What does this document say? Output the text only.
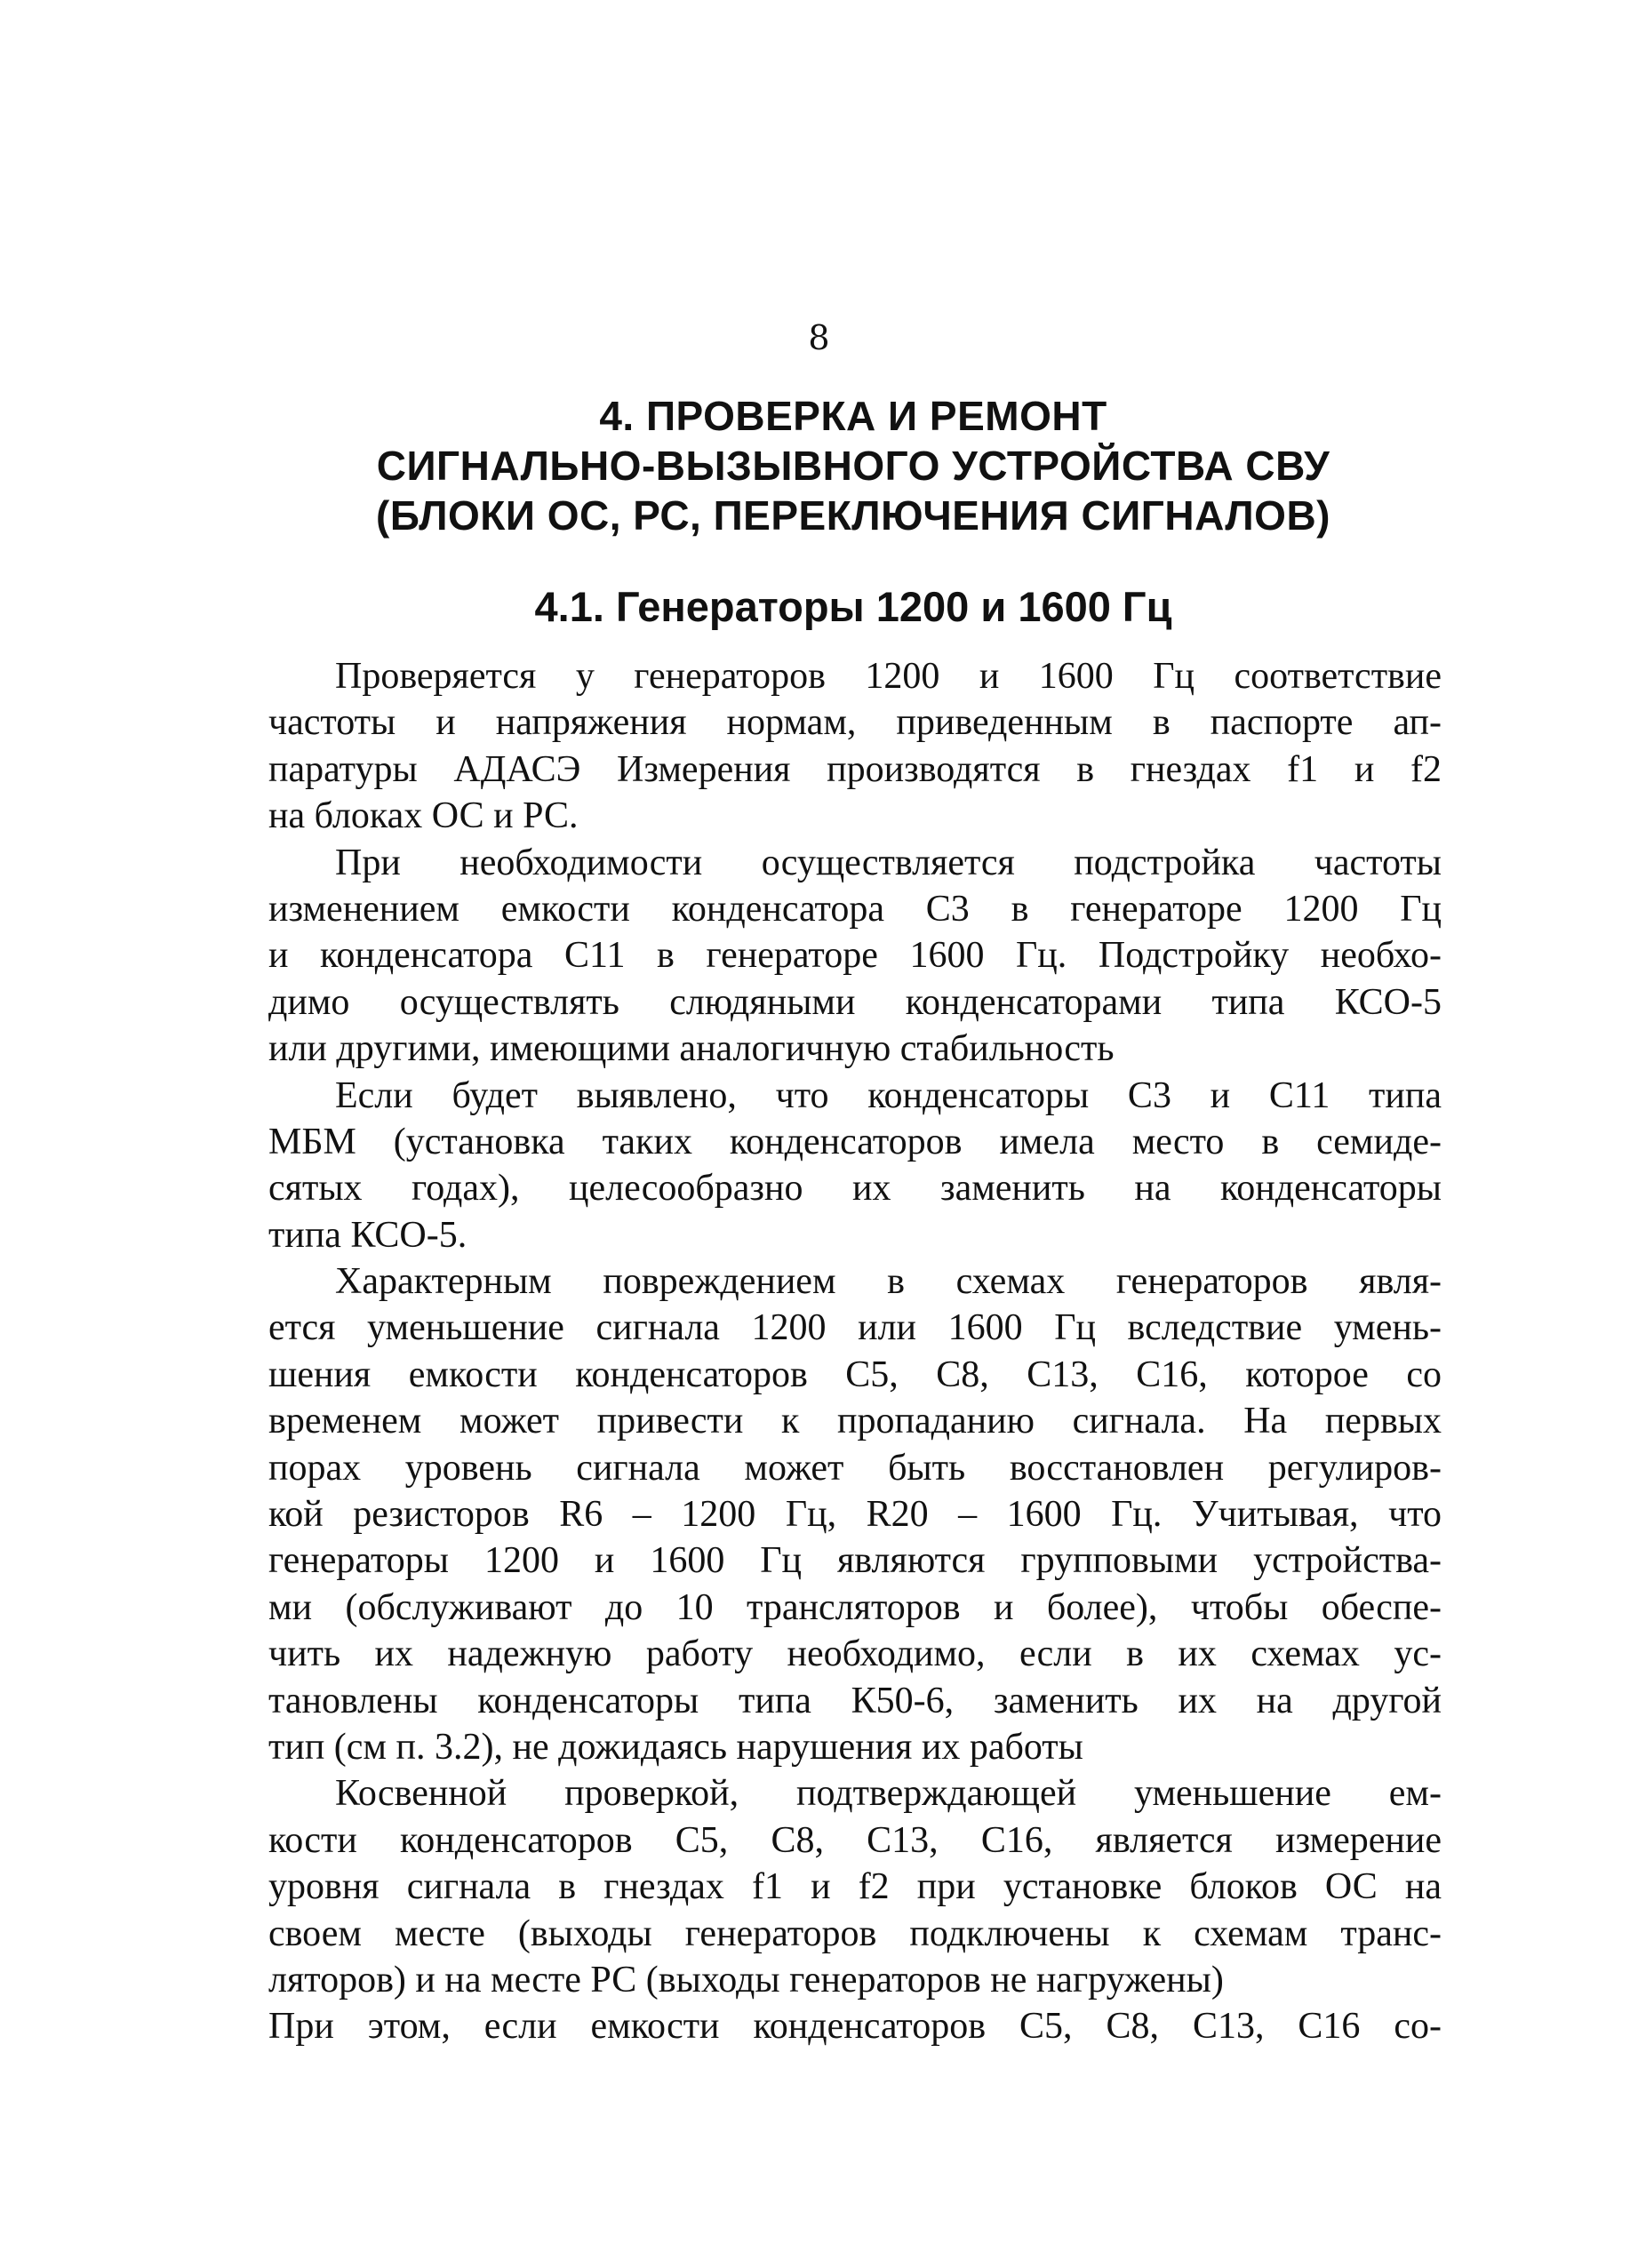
8
4. ПРОВЕРКА И РЕМОНТ
СИГНАЛЬНО-ВЫЗЫВНОГО УСТРОЙСТВА СВУ
(БЛОКИ ОС, РС, ПЕРЕКЛЮЧЕНИЯ СИГНАЛОВ)
4.1. Генераторы 1200 и 1600 Гц
Проверяется у генераторов 1200 и 1600 Гц соответствие
частоты и напряжения нормам, приведенным в паспорте ап-
паратуры АДАСЭ Измерения производятся в гнездах f1 и f2
на блоках ОС и РС.
При необходимости осуществляется подстройка частоты
изменением емкости конденсатора С3 в генераторе 1200 Гц
и конденсатора С11 в генераторе 1600 Гц. Подстройку необхо-
димо осуществлять слюдяными конденсаторами типа КСО-5
или другими, имеющими аналогичную стабильность
Если будет выявлено, что конденсаторы С3 и С11 типа
МБМ (установка таких конденсаторов имела место в семиде-
сятых годах), целесообразно их заменить на конденсаторы
типа КСО-5.
Характерным повреждением в схемах генераторов явля-
ется уменьшение сигнала 1200 или 1600 Гц вследствие умень-
шения емкости конденсаторов С5, С8, С13, С16, которое со
временем может привести к пропаданию сигнала. На первых
порах уровень сигнала может быть восстановлен регулиров-
кой резисторов R6 – 1200 Гц, R20 – 1600 Гц. Учитывая, что
генераторы 1200 и 1600 Гц являются групповыми устройства-
ми (обслуживают до 10 трансляторов и более), чтобы обеспе-
чить их надежную работу необходимо, если в их схемах ус-
тановлены конденсаторы типа К50-6, заменить их на другой
тип (см п. 3.2), не дожидаясь нарушения их работы
Косвенной проверкой, подтверждающей уменьшение ем-
кости конденсаторов С5, С8, С13, С16, является измерение
уровня сигнала в гнездах f1 и f2 при установке блоков ОС на
своем месте (выходы генераторов подключены к схемам транс-
ляторов) и на месте РС (выходы генераторов не нагружены)
При этом, если емкости конденсаторов С5, С8, С13, С16 со-
